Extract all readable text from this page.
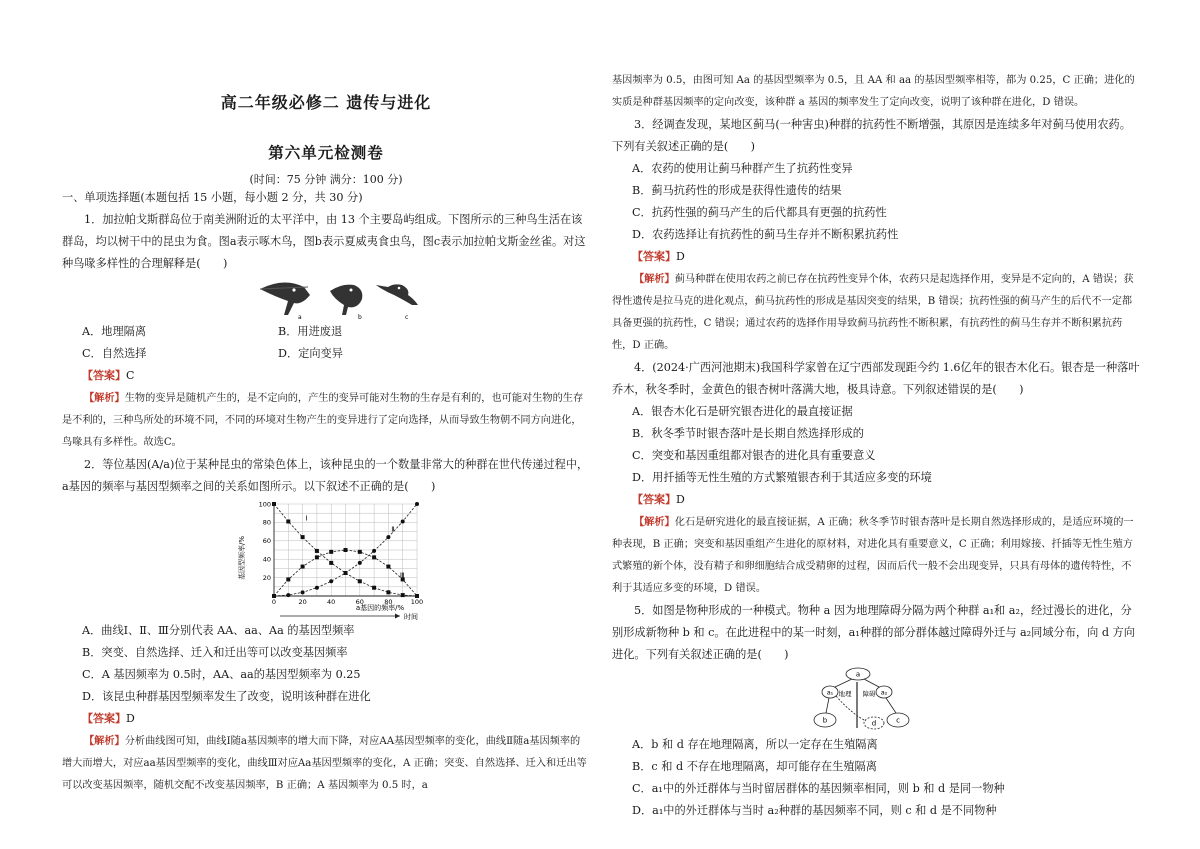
高二年级必修二 遗传与进化
第六单元检测卷
(时间：75 分钟 满分：100 分)

一、单项选择题(本题包括 15 小题，每小题 2 分，共 30 分)

1．加拉帕戈斯群岛位于南美洲附近的太平洋中，由 13 个主要岛屿组成。下图所示的三种鸟生活在该群岛，均以树干中的昆虫为食。图a表示啄木鸟，图b表示夏威夷食虫鸟，图c表示加拉帕戈斯金丝雀。对这种鸟喙多样性的合理解释是(　　)

a	b	c
A．地理隔离	B．用进废退
C．自然选择	D．定向变异
【答案】C

【解析】生物的变异是随机产生的，是不定向的，产生的变异可能对生物的生存是有利的，也可能对生物的生存是不利的，三种鸟所处的环境不同，不同的环境对生物产生的变异进行了定向选择，从而导致生物朝不同方向进化，鸟喙具有多样性。故选C。

2．等位基因(A/a)位于某种昆虫的常染色体上，该种昆虫的一个数量非常大的种群在世代传递过程中，a基因的频率与基因型频率之间的关系如图所示。以下叙述不正确的是(　　)

Ⅰ
Ⅱ
Ⅲ
0	20	40	60	80	100
20
40
60
80
100
基因型频率/%
a基因的频率/%
时间
A．曲线Ⅰ、Ⅱ、Ⅲ分别代表 AA、aa、Aa 的基因型频率
B．突变、自然选择、迁入和迁出等可以改变基因频率
C．A 基因频率为 0.5时，AA、aa的基因型频率为 0.25
D．该昆虫种群基因型频率发生了改变，说明该种群在进化
【答案】D

【解析】分析曲线图可知，曲线Ⅰ随a基因频率的增大而下降，对应AA基因型频率的变化，曲线Ⅱ随a基因频率的增大而增大，对应aa基因型频率的变化，曲线Ⅲ对应Aa基因型频率的变化，A 正确；突变、自然选择、迁入和迁出等可以改变基因频率，随机交配不改变基因频率，B 正确；A 基因频率为 0.5 时，a

基因频率为 0.5，由图可知 Aa 的基因型频率为 0.5，且 AA 和 aa 的基因型频率相等，都为 0.25，C 正确；进化的实质是种群基因频率的定向改变，该种群 a 基因的频率发生了定向改变，说明了该种群在进化，D 错误。

3．经调查发现，某地区蓟马(一种害虫)种群的抗药性不断增强，其原因是连续多年对蓟马使用农药。下列有关叙述正确的是(　　)

A．农药的使用让蓟马种群产生了抗药性变异
B．蓟马抗药性的形成是获得性遗传的结果
C．抗药性强的蓟马产生的后代都具有更强的抗药性
D．农药选择让有抗药性的蓟马生存并不断积累抗药性
【答案】D

【解析】蓟马种群在使用农药之前已存在抗药性变异个体，农药只是起选择作用，变异是不定向的，A 错误；获得性遗传是拉马克的进化观点，蓟马抗药性的形成是基因突变的结果，B 错误；抗药性强的蓟马产生的后代不一定都具备更强的抗药性，C 错误；通过农药的选择作用导致蓟马抗药性不断积累，有抗药性的蓟马生存并不断积累抗药性，D 正确。

4．(2024·广西河池期末)我国科学家曾在辽宁西部发现距今约 1.6亿年的银杏木化石。银杏是一种落叶乔木，秋冬季时，金黄色的银杏树叶落满大地，极具诗意。下列叙述错误的是(　　)

A．银杏木化石是研究银杏进化的最直接证据
B．秋冬季节时银杏落叶是长期自然选择形成的
C．突变和基因重组都对银杏的进化具有重要意义
D．用扦插等无性生殖的方式繁殖银杏利于其适应多变的环境
【答案】D

【解析】化石是研究进化的最直接证据，A 正确；秋冬季节时银杏落叶是长期自然选择形成的，是适应环境的一种表现，B 正确；突变和基因重组产生进化的原材料，对进化具有重要意义，C 正确；利用嫁接、扦插等无性生殖方式繁殖的新个体，没有精子和卵细胞结合成受精卵的过程，因而后代一般不会出现变异，只具有母体的遗传特性，不利于其适应多变的环境，D 错误。

5．如图是物种形成的一种模式。物种 a 因为地理障碍分隔为两个种群 a₁和 a₂，经过漫长的进化，分别形成新物种 b 和 c。在此进程中的某一时刻，a₁种群的部分群体越过障碍外迁与 a₂同域分布，向 d 方向进化。下列有关叙述正确的是(　　)

a
a₁	a₂
b	c
d
地理 障碍
A．b 和 d 存在地理隔离，所以一定存在生殖隔离
B．c 和 d 不存在地理隔离，却可能存在生殖隔离
C．a₁中的外迁群体与当时留居群体的基因频率相同，则 b 和 d 是同一物种
D．a₁中的外迁群体与当时 a₂种群的基因频率不同，则 c 和 d 是不同物种
